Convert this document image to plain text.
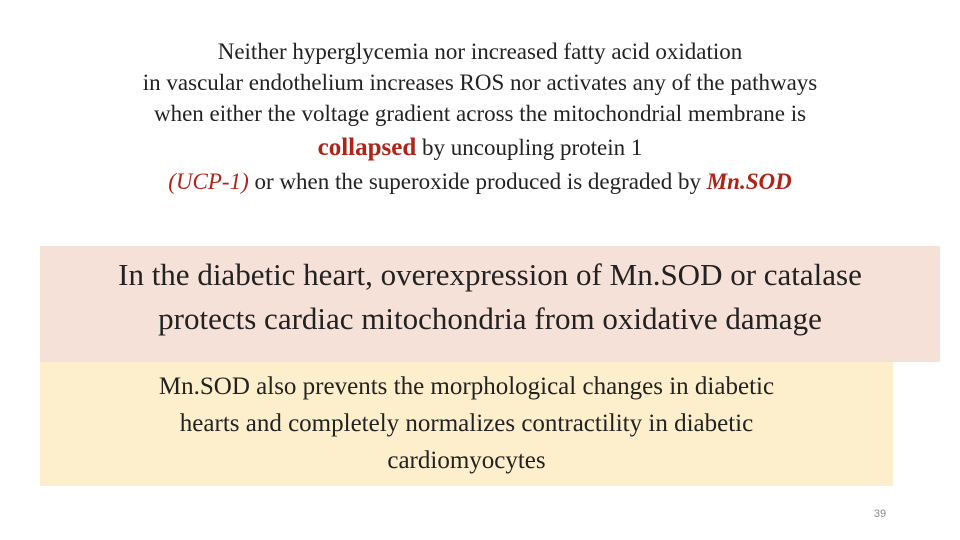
Neither hyperglycemia nor increased fatty acid oxidation
in vascular endothelium increases ROS nor activates any of the pathways
when either the voltage gradient across the mitochondrial membrane is
collapsed by uncoupling protein 1
(UCP-1) or when the superoxide produced is degraded by Mn.SOD
In the diabetic heart, overexpression of Mn.SOD or catalase
protects cardiac mitochondria from oxidative damage
Mn.SOD also prevents the morphological changes in diabetic
hearts and completely normalizes contractility in diabetic
cardiomyocytes
39
